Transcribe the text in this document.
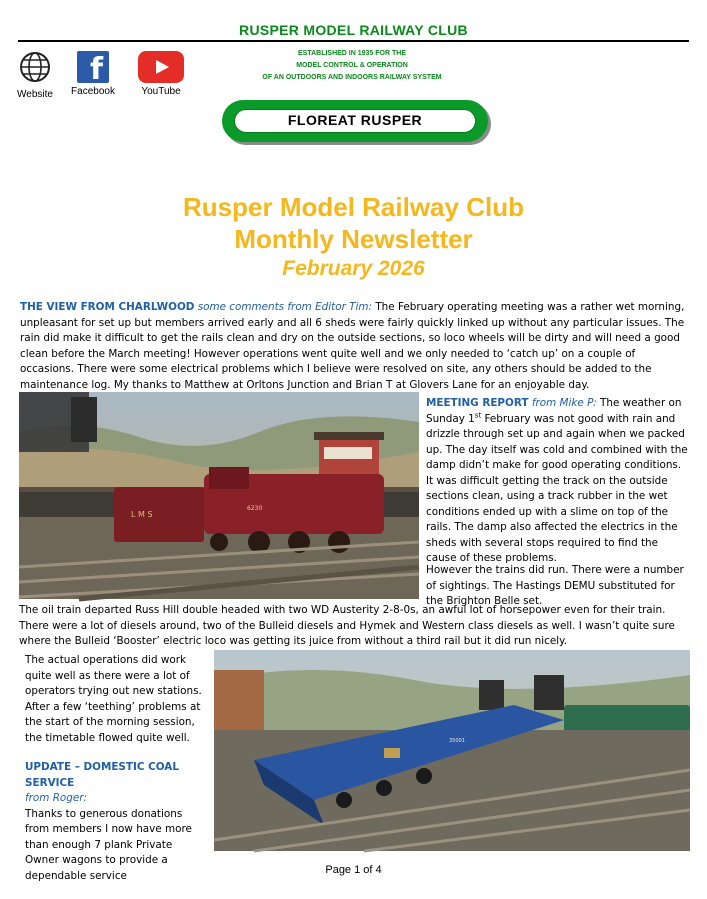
RUSPER MODEL RAILWAY CLUB
Website
f
Facebook	YouTube
ESTABLISHED IN 1935 FOR THE
MODEL CONTROL & OPERATION
OF AN OUTDOORS AND INDOORS RAILWAY SYSTEM
FLOREAT RUSPER
Rusper Model Railway Club
Monthly Newsletter
February 2026
THE VIEW FROM CHARLWOOD some comments from Editor Tim: The February operating meeting was a rather wet morning, unpleasant for set up but members arrived early and all 6 sheds were fairly quickly linked up without any particular issues. The rain did make it difficult to get the rails clean and dry on the outside sections, so loco wheels will be dirty and will need a good clean before the March meeting! However operations went quite well and we only needed to ‘catch up’ on a couple of occasions. There were some electrical problems which I believe were resolved on site, any others should be added to the maintenance log. My thanks to Matthew at Orltons Junction and Brian T at Glovers Lane for an enjoyable day.
L M S
6230
MEETING REPORT from Mike P: The weather on Sunday 1st February was not good with rain and drizzle through set up and again when we packed up. The day itself was cold and combined with the damp didn’t make for good operating conditions. It was difficult getting the track on the outside sections clean, using a track rubber in the wet conditions ended up with a slime on top of the rails. The damp also affected the electrics in the sheds with several stops required to find the cause of these problems.
However the trains did run. There were a number of sightings. The Hastings DEMU substituted for the Brighton Belle set.
The oil train departed Russ Hill double headed with two WD Austerity 2-8-0s, an awful lot of horsepower even for their train. There were a lot of diesels around, two of the Bulleid diesels and Hymek and Western class diesels as well. I wasn’t quite sure where the Bulleid ‘Booster’ electric loco was getting its juice from without a third rail but it did run nicely.
The actual operations did work quite well as there were a lot of operators trying out new stations. After a few ‘teething’ problems at the start of the morning session, the timetable flowed quite well.	35001
UPDATE – DOMESTIC COAL SERVICE
from Roger:
Thanks to generous donations from members I now have more than enough 7 plank Private Owner wagons to provide a dependable service	Page 1 of 4
